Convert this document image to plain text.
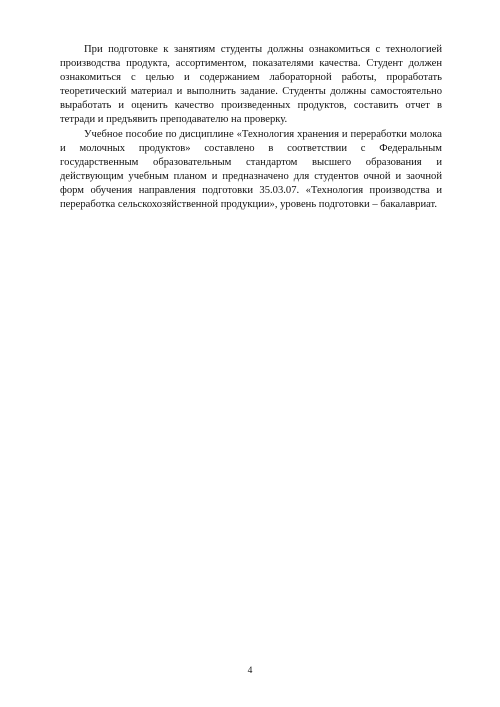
При подготовке к занятиям студенты должны ознакомиться с технологией производства продукта, ассортиментом, показателями качества. Студент должен ознакомиться с целью и содержанием лабораторной работы, проработать теоретический материал и выполнить задание. Студенты должны самостоятельно выработать и оценить качество произведенных продуктов, составить отчет в тетради и предъявить преподавателю на проверку.

Учебное пособие по дисциплине «Технология хранения и переработки молока и молочных продуктов» составлено в соответствии с Федеральным государственным образовательным стандартом высшего образования и действующим учебным планом и предназначено для студентов очной и заочной форм обучения направления подготовки 35.03.07. «Технология производства и переработка сельскохозяйственной продукции», уровень подготовки – бакалавриат.

4
